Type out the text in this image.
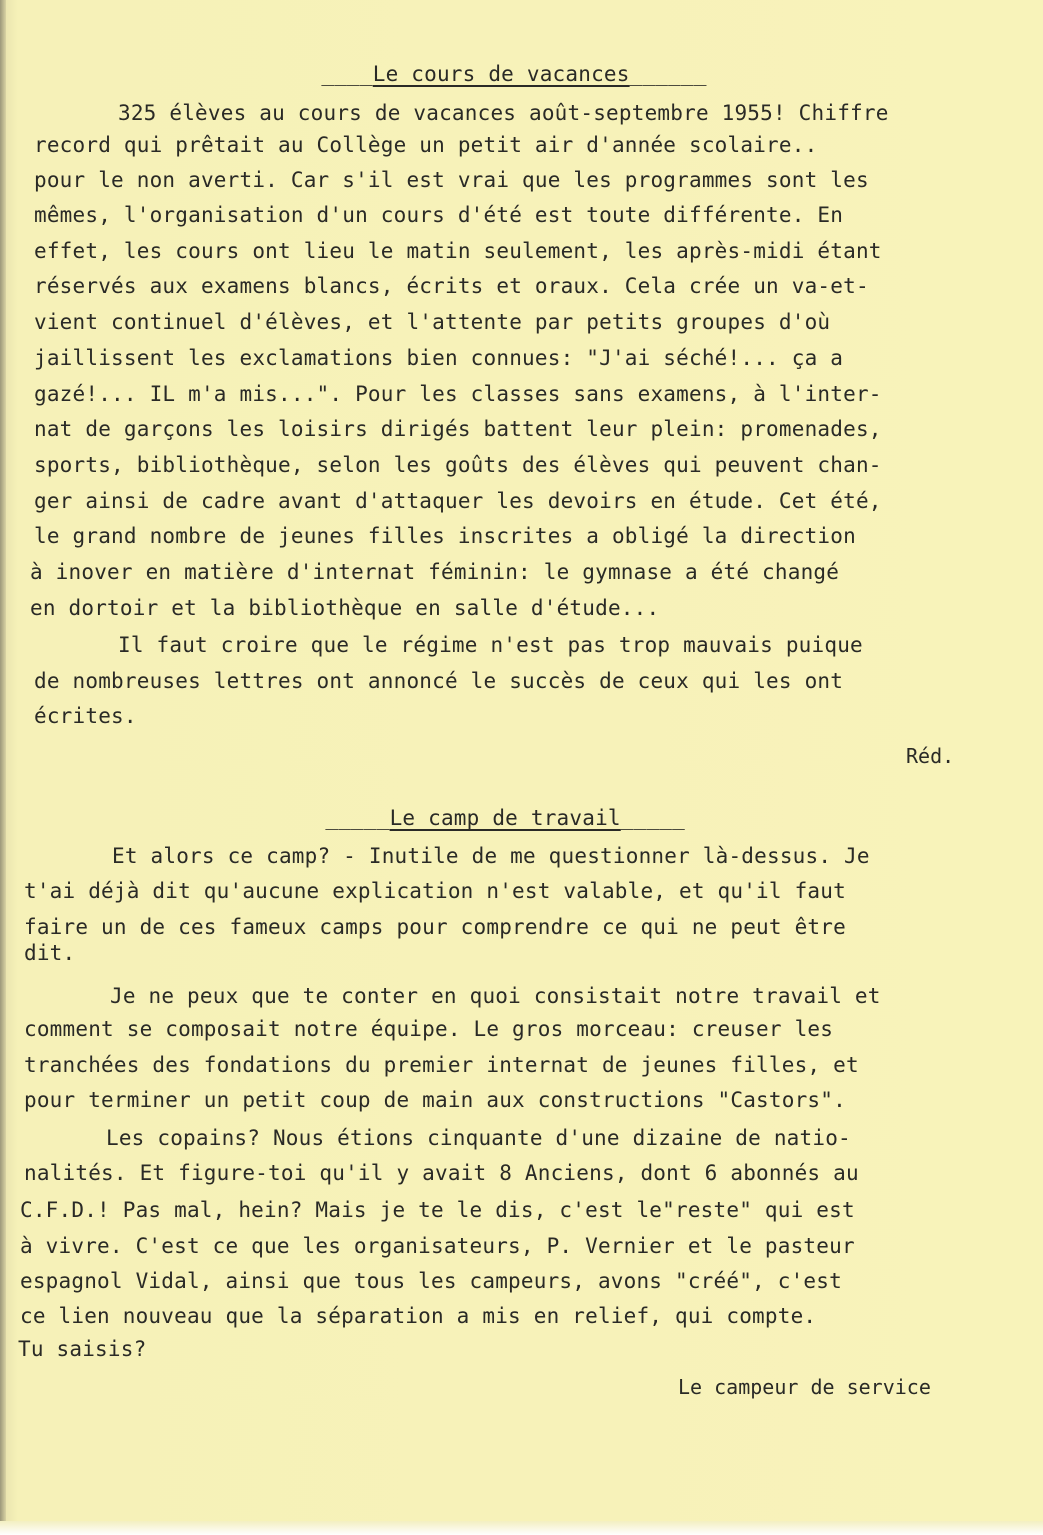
____Le cours de vacances______

325 élèves au cours de vacances août-septembre 1955! Chiffre
record qui prêtait au Collège un petit air d'année scolaire..
pour le non averti. Car s'il est vrai que les programmes sont les
mêmes, l'organisation d'un cours d'été est toute différente. En
effet, les cours ont lieu le matin seulement, les après-midi étant
réservés aux examens blancs, écrits et oraux. Cela crée un va-et-
vient continuel d'élèves, et l'attente par petits groupes d'où
jaillissent les exclamations bien connues: "J'ai séché!... ça a
gazé!... IL m'a mis...". Pour les classes sans examens, à l'inter-
nat de garçons les loisirs dirigés battent leur plein: promenades,
sports, bibliothèque, selon les goûts des élèves qui peuvent chan-
ger ainsi de cadre avant d'attaquer les devoirs en étude. Cet été,
le grand nombre de jeunes filles inscrites a obligé la direction
à inover en matière d'internat féminin: le gymnase a été changé
en dortoir et la bibliothèque en salle d'étude...
Il faut croire que le régime n'est pas trop mauvais puique
de nombreuses lettres ont annoncé le succès de ceux qui les ont
écrites.
Réd.

_____Le camp de travail_____

Et alors ce camp? - Inutile de me questionner là-dessus. Je
t'ai déjà dit qu'aucune explication n'est valable, et qu'il faut
faire un de ces fameux camps pour comprendre ce qui ne peut être
dit.
Je ne peux que te conter en quoi consistait notre travail et
comment se composait notre équipe. Le gros morceau: creuser les
tranchées des fondations du premier internat de jeunes filles, et
pour terminer un petit coup de main aux constructions "Castors".
Les copains? Nous étions cinquante d'une dizaine de natio-
nalités. Et figure-toi qu'il y avait 8 Anciens, dont 6 abonnés au
C.F.D.! Pas mal, hein? Mais je te le dis, c'est le"reste" qui est
à vivre. C'est ce que les organisateurs, P. Vernier et le pasteur
espagnol Vidal, ainsi que tous les campeurs, avons "créé", c'est
ce lien nouveau que la séparation a mis en relief, qui compte.
Tu saisis?
Le campeur de service
